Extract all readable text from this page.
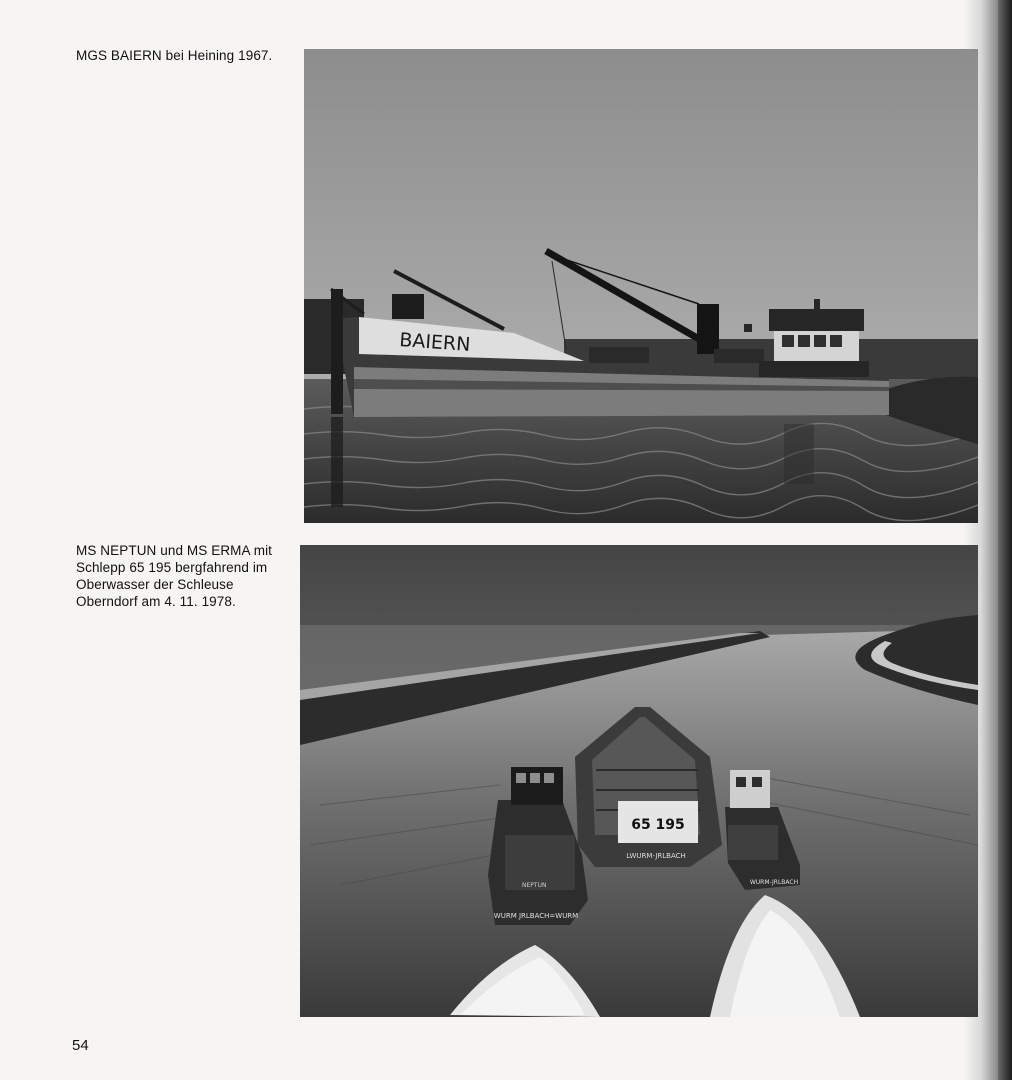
MGS BAIERN bei Heining 1967.
BAIERN
MS NEPTUN und MS ERMA mit Schlepp 65 195 bergfahrend im Oberwasser der Schleuse Oberndorf am 4. 11. 1978.
65 195
LWURM-JRLBACH
NEPTUN
WURM JRLBACH=WURM
WURM-JRLBACH
54
